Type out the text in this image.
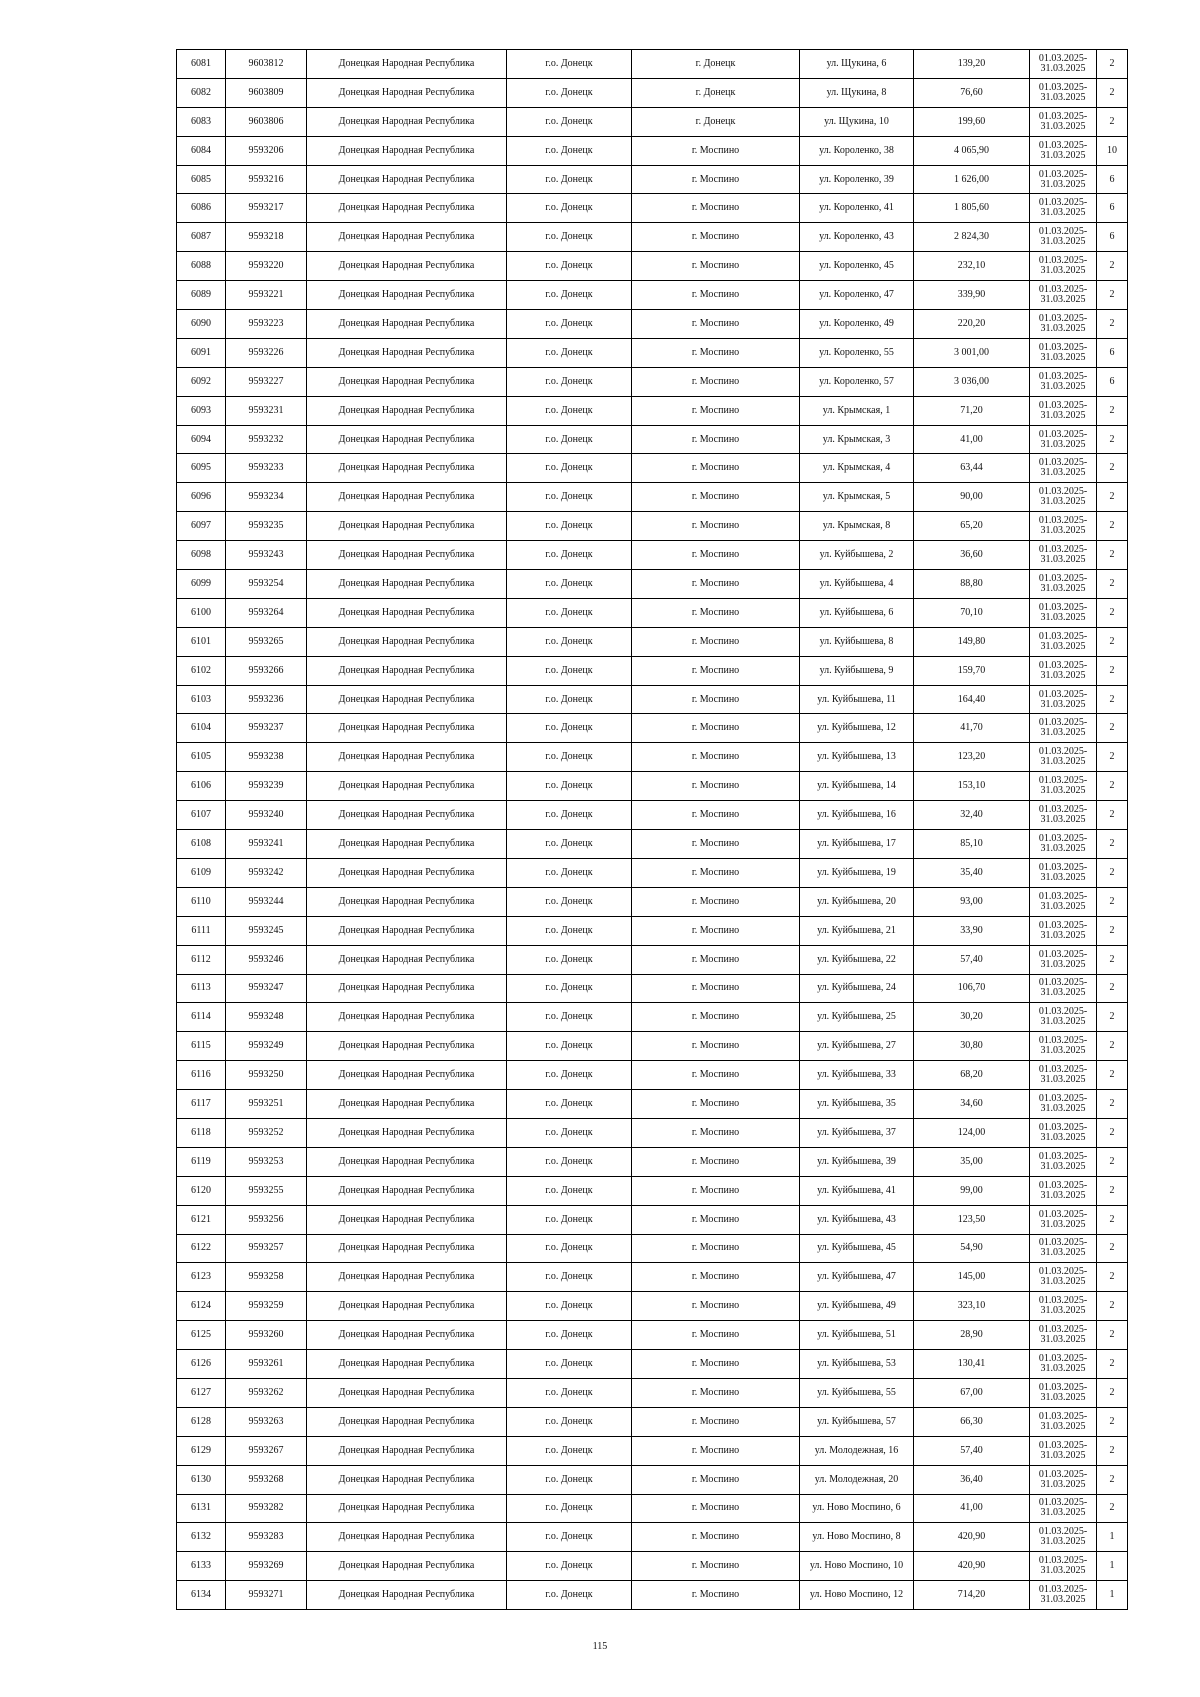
6081	9603812	Донецкая Народная Республика	г.о. Донецк	г. Донецк	ул. Щукина, 6	139,20	01.03.2025-
31.03.2025	2
6082	9603809	Донецкая Народная Республика	г.о. Донецк	г. Донецк	ул. Щукина, 8	76,60	01.03.2025-
31.03.2025	2
6083	9603806	Донецкая Народная Республика	г.о. Донецк	г. Донецк	ул. Щукина, 10	199,60	01.03.2025-
31.03.2025	2
6084	9593206	Донецкая Народная Республика	г.о. Донецк	г. Моспино	ул. Короленко, 38	4 065,90	01.03.2025-
31.03.2025	10
6085	9593216	Донецкая Народная Республика	г.о. Донецк	г. Моспино	ул. Короленко, 39	1 626,00	01.03.2025-
31.03.2025	6
6086	9593217	Донецкая Народная Республика	г.о. Донецк	г. Моспино	ул. Короленко, 41	1 805,60	01.03.2025-
31.03.2025	6
6087	9593218	Донецкая Народная Республика	г.о. Донецк	г. Моспино	ул. Короленко, 43	2 824,30	01.03.2025-
31.03.2025	6
6088	9593220	Донецкая Народная Республика	г.о. Донецк	г. Моспино	ул. Короленко, 45	232,10	01.03.2025-
31.03.2025	2
6089	9593221	Донецкая Народная Республика	г.о. Донецк	г. Моспино	ул. Короленко, 47	339,90	01.03.2025-
31.03.2025	2
6090	9593223	Донецкая Народная Республика	г.о. Донецк	г. Моспино	ул. Короленко, 49	220,20	01.03.2025-
31.03.2025	2
6091	9593226	Донецкая Народная Республика	г.о. Донецк	г. Моспино	ул. Короленко, 55	3 001,00	01.03.2025-
31.03.2025	6
6092	9593227	Донецкая Народная Республика	г.о. Донецк	г. Моспино	ул. Короленко, 57	3 036,00	01.03.2025-
31.03.2025	6
6093	9593231	Донецкая Народная Республика	г.о. Донецк	г. Моспино	ул. Крымская, 1	71,20	01.03.2025-
31.03.2025	2
6094	9593232	Донецкая Народная Республика	г.о. Донецк	г. Моспино	ул. Крымская, 3	41,00	01.03.2025-
31.03.2025	2
6095	9593233	Донецкая Народная Республика	г.о. Донецк	г. Моспино	ул. Крымская, 4	63,44	01.03.2025-
31.03.2025	2
6096	9593234	Донецкая Народная Республика	г.о. Донецк	г. Моспино	ул. Крымская, 5	90,00	01.03.2025-
31.03.2025	2
6097	9593235	Донецкая Народная Республика	г.о. Донецк	г. Моспино	ул. Крымская, 8	65,20	01.03.2025-
31.03.2025	2
6098	9593243	Донецкая Народная Республика	г.о. Донецк	г. Моспино	ул. Куйбышева, 2	36,60	01.03.2025-
31.03.2025	2
6099	9593254	Донецкая Народная Республика	г.о. Донецк	г. Моспино	ул. Куйбышева, 4	88,80	01.03.2025-
31.03.2025	2
6100	9593264	Донецкая Народная Республика	г.о. Донецк	г. Моспино	ул. Куйбышева, 6	70,10	01.03.2025-
31.03.2025	2
6101	9593265	Донецкая Народная Республика	г.о. Донецк	г. Моспино	ул. Куйбышева, 8	149,80	01.03.2025-
31.03.2025	2
6102	9593266	Донецкая Народная Республика	г.о. Донецк	г. Моспино	ул. Куйбышева, 9	159,70	01.03.2025-
31.03.2025	2
6103	9593236	Донецкая Народная Республика	г.о. Донецк	г. Моспино	ул. Куйбышева, 11	164,40	01.03.2025-
31.03.2025	2
6104	9593237	Донецкая Народная Республика	г.о. Донецк	г. Моспино	ул. Куйбышева, 12	41,70	01.03.2025-
31.03.2025	2
6105	9593238	Донецкая Народная Республика	г.о. Донецк	г. Моспино	ул. Куйбышева, 13	123,20	01.03.2025-
31.03.2025	2
6106	9593239	Донецкая Народная Республика	г.о. Донецк	г. Моспино	ул. Куйбышева, 14	153,10	01.03.2025-
31.03.2025	2
6107	9593240	Донецкая Народная Республика	г.о. Донецк	г. Моспино	ул. Куйбышева, 16	32,40	01.03.2025-
31.03.2025	2
6108	9593241	Донецкая Народная Республика	г.о. Донецк	г. Моспино	ул. Куйбышева, 17	85,10	01.03.2025-
31.03.2025	2
6109	9593242	Донецкая Народная Республика	г.о. Донецк	г. Моспино	ул. Куйбышева, 19	35,40	01.03.2025-
31.03.2025	2
6110	9593244	Донецкая Народная Республика	г.о. Донецк	г. Моспино	ул. Куйбышева, 20	93,00	01.03.2025-
31.03.2025	2
6111	9593245	Донецкая Народная Республика	г.о. Донецк	г. Моспино	ул. Куйбышева, 21	33,90	01.03.2025-
31.03.2025	2
6112	9593246	Донецкая Народная Республика	г.о. Донецк	г. Моспино	ул. Куйбышева, 22	57,40	01.03.2025-
31.03.2025	2
6113	9593247	Донецкая Народная Республика	г.о. Донецк	г. Моспино	ул. Куйбышева, 24	106,70	01.03.2025-
31.03.2025	2
6114	9593248	Донецкая Народная Республика	г.о. Донецк	г. Моспино	ул. Куйбышева, 25	30,20	01.03.2025-
31.03.2025	2
6115	9593249	Донецкая Народная Республика	г.о. Донецк	г. Моспино	ул. Куйбышева, 27	30,80	01.03.2025-
31.03.2025	2
6116	9593250	Донецкая Народная Республика	г.о. Донецк	г. Моспино	ул. Куйбышева, 33	68,20	01.03.2025-
31.03.2025	2
6117	9593251	Донецкая Народная Республика	г.о. Донецк	г. Моспино	ул. Куйбышева, 35	34,60	01.03.2025-
31.03.2025	2
6118	9593252	Донецкая Народная Республика	г.о. Донецк	г. Моспино	ул. Куйбышева, 37	124,00	01.03.2025-
31.03.2025	2
6119	9593253	Донецкая Народная Республика	г.о. Донецк	г. Моспино	ул. Куйбышева, 39	35,00	01.03.2025-
31.03.2025	2
6120	9593255	Донецкая Народная Республика	г.о. Донецк	г. Моспино	ул. Куйбышева, 41	99,00	01.03.2025-
31.03.2025	2
6121	9593256	Донецкая Народная Республика	г.о. Донецк	г. Моспино	ул. Куйбышева, 43	123,50	01.03.2025-
31.03.2025	2
6122	9593257	Донецкая Народная Республика	г.о. Донецк	г. Моспино	ул. Куйбышева, 45	54,90	01.03.2025-
31.03.2025	2
6123	9593258	Донецкая Народная Республика	г.о. Донецк	г. Моспино	ул. Куйбышева, 47	145,00	01.03.2025-
31.03.2025	2
6124	9593259	Донецкая Народная Республика	г.о. Донецк	г. Моспино	ул. Куйбышева, 49	323,10	01.03.2025-
31.03.2025	2
6125	9593260	Донецкая Народная Республика	г.о. Донецк	г. Моспино	ул. Куйбышева, 51	28,90	01.03.2025-
31.03.2025	2
6126	9593261	Донецкая Народная Республика	г.о. Донецк	г. Моспино	ул. Куйбышева, 53	130,41	01.03.2025-
31.03.2025	2
6127	9593262	Донецкая Народная Республика	г.о. Донецк	г. Моспино	ул. Куйбышева, 55	67,00	01.03.2025-
31.03.2025	2
6128	9593263	Донецкая Народная Республика	г.о. Донецк	г. Моспино	ул. Куйбышева, 57	66,30	01.03.2025-
31.03.2025	2
6129	9593267	Донецкая Народная Республика	г.о. Донецк	г. Моспино	ул. Молодежная, 16	57,40	01.03.2025-
31.03.2025	2
6130	9593268	Донецкая Народная Республика	г.о. Донецк	г. Моспино	ул. Молодежная, 20	36,40	01.03.2025-
31.03.2025	2
6131	9593282	Донецкая Народная Республика	г.о. Донецк	г. Моспино	ул. Ново Моспино, 6	41,00	01.03.2025-
31.03.2025	2
6132	9593283	Донецкая Народная Республика	г.о. Донецк	г. Моспино	ул. Ново Моспино, 8	420,90	01.03.2025-
31.03.2025	1
6133	9593269	Донецкая Народная Республика	г.о. Донецк	г. Моспино	ул. Ново Моспино, 10	420,90	01.03.2025-
31.03.2025	1
6134	9593271	Донецкая Народная Республика	г.о. Донецк	г. Моспино	ул. Ново Моспино, 12	714,20	01.03.2025-
31.03.2025	1
115
